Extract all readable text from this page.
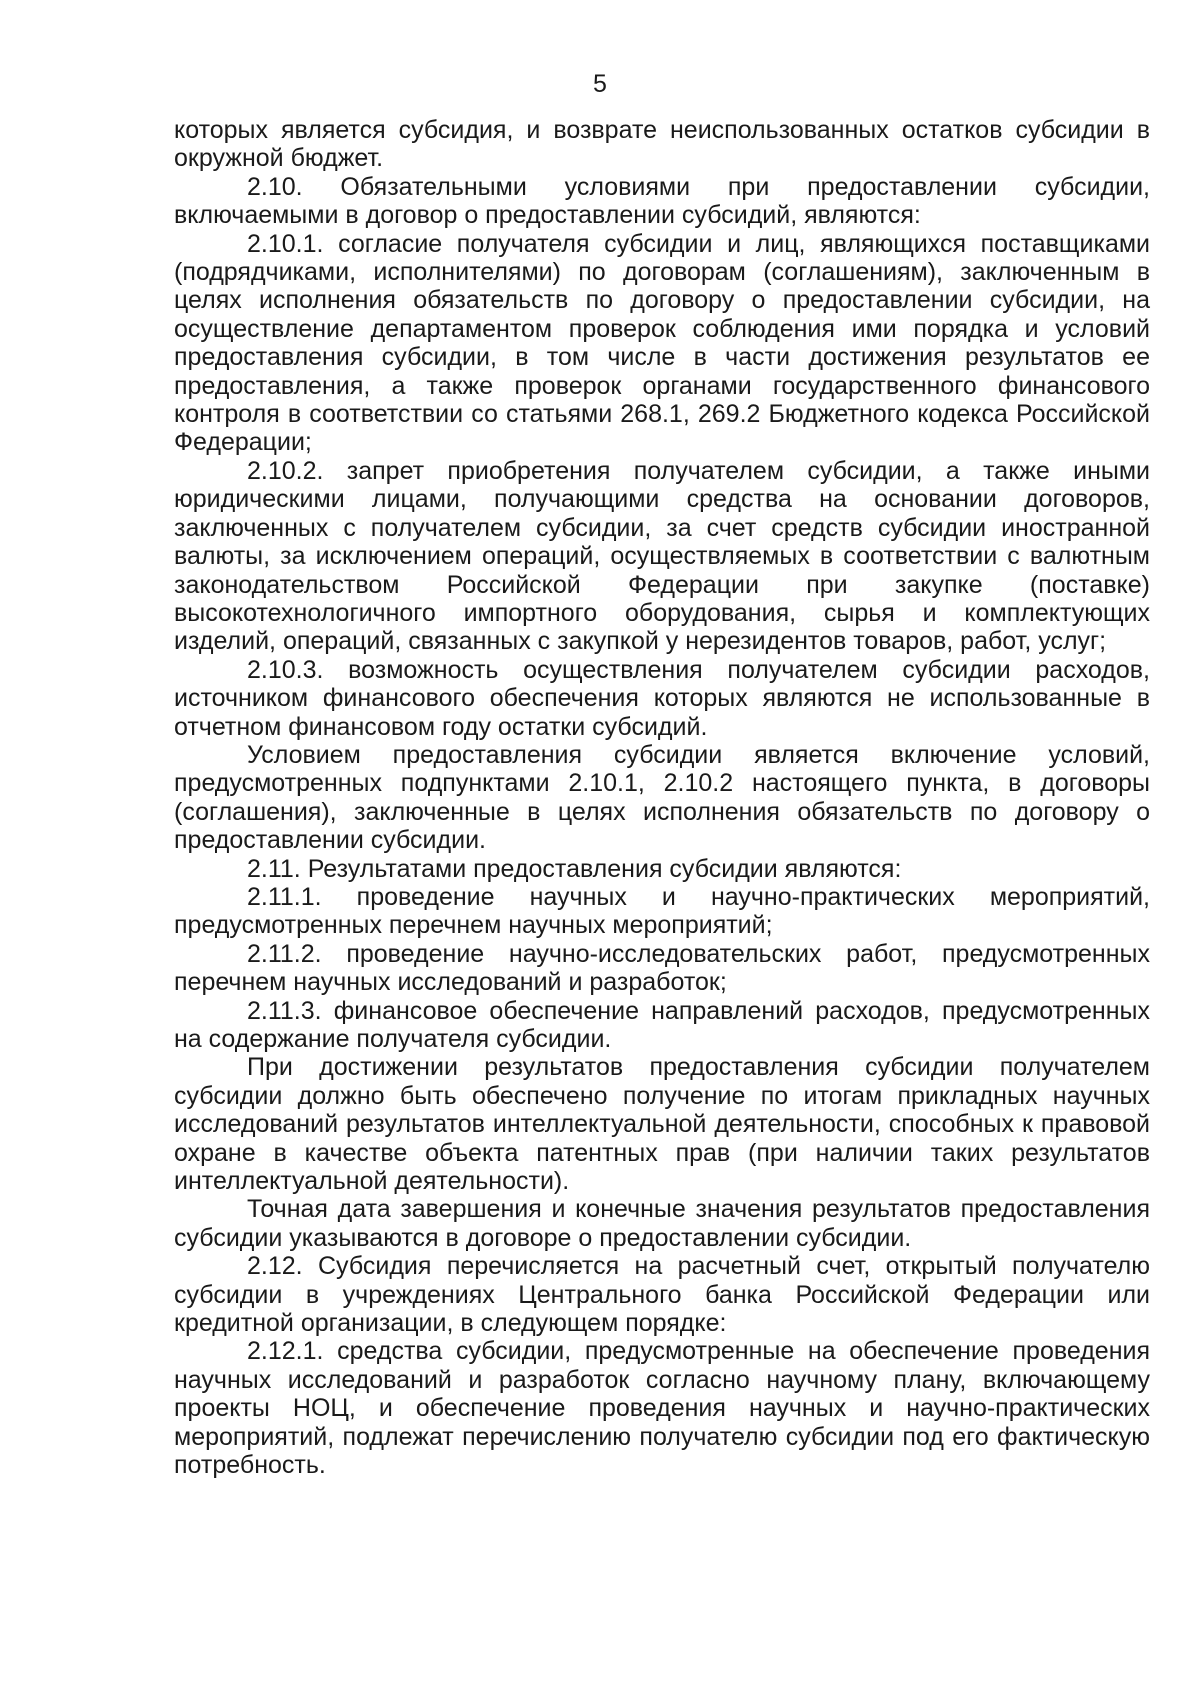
5

которых является субсидия, и возврате неиспользованных остатков субсидии в окружной бюджет.

2.10. Обязательными условиями при предоставлении субсидии, включаемыми в договор о предоставлении субсидий, являются:

2.10.1. согласие получателя субсидии и лиц, являющихся поставщиками (подрядчиками, исполнителями) по договорам (соглашениям), заключенным в целях исполнения обязательств по договору о предоставлении субсидии, на осуществление департаментом проверок соблюдения ими порядка и условий предоставления субсидии, в том числе в части достижения результатов ее предоставления, а также проверок органами государственного финансового контроля в соответствии со статьями 268.1, 269.2 Бюджетного кодекса Российской Федерации;

2.10.2. запрет приобретения получателем субсидии, а также иными юридическими лицами, получающими средства на основании договоров, заключенных с получателем субсидии, за счет средств субсидии иностранной валюты, за исключением операций, осуществляемых в соответствии с валютным законодательством Российской Федерации при закупке (поставке) высокотехнологичного импортного оборудования, сырья и комплектующих изделий, операций, связанных с закупкой у нерезидентов товаров, работ, услуг;

2.10.3. возможность осуществления получателем субсидии расходов, источником финансового обеспечения которых являются не использованные в отчетном финансовом году остатки субсидий.

Условием предоставления субсидии является включение условий, предусмотренных подпунктами 2.10.1, 2.10.2 настоящего пункта, в договоры (соглашения), заключенные в целях исполнения обязательств по договору о предоставлении субсидии.

2.11. Результатами предоставления субсидии являются:

2.11.1. проведение научных и научно-практических мероприятий, предусмотренных перечнем научных мероприятий;

2.11.2. проведение научно-исследовательских работ, предусмотренных перечнем научных исследований и разработок;

2.11.3. финансовое обеспечение направлений расходов, предусмотренных на содержание получателя субсидии.

При достижении результатов предоставления субсидии получателем субсидии должно быть обеспечено получение по итогам прикладных научных исследований результатов интеллектуальной деятельности, способных к правовой охране в качестве объекта патентных прав (при наличии таких результатов интеллектуальной деятельности).

Точная дата завершения и конечные значения результатов предоставления субсидии указываются в договоре о предоставлении субсидии.

2.12. Субсидия перечисляется на расчетный счет, открытый получателю субсидии в учреждениях Центрального банка Российской Федерации или кредитной организации, в следующем порядке:

2.12.1. средства субсидии, предусмотренные на обеспечение проведения научных исследований и разработок согласно научному плану, включающему проекты НОЦ, и обеспечение проведения научных и научно-практических мероприятий, подлежат перечислению получателю субсидии под его фактическую потребность.
